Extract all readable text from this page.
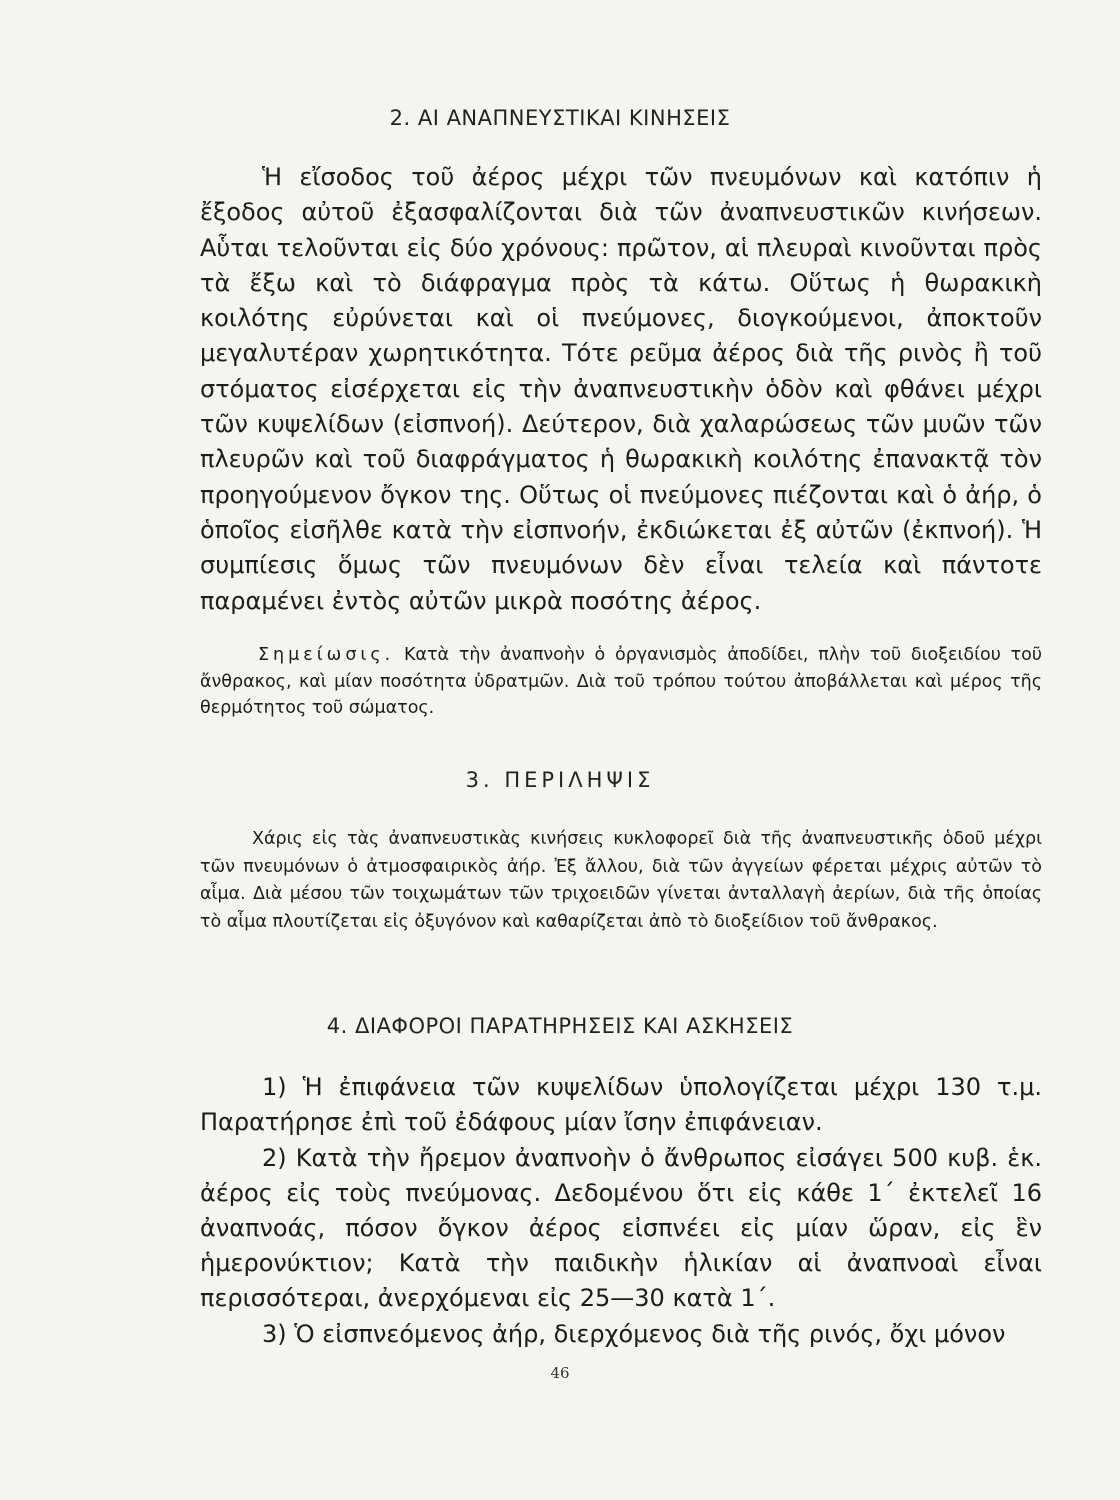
2. ΑΙ ΑΝΑΠΝΕΥΣΤΙΚΑΙ ΚΙΝΗΣΕΙΣ

Ἡ εἴσοδος τοῦ ἀέρος μέχρι τῶν πνευμόνων καὶ κατόπιν ἡ ἔξοδος αὐτοῦ ἐξασφαλίζονται διὰ τῶν ἀναπνευστικῶν κινήσεων. Αὗται τελοῦνται εἰς δύο χρόνους: πρῶτον, αἱ πλευραὶ κινοῦνται πρὸς τὰ ἔξω καὶ τὸ διάφραγμα πρὸς τὰ κάτω. Οὕτως ἡ θωρακικὴ κοιλότης εὐρύνεται καὶ οἱ πνεύμονες, διογκούμενοι, ἀποκτοῦν μεγαλυτέραν χωρητικότητα. Τότε ρεῦμα ἀέρος διὰ τῆς ρινὸς ἢ τοῦ στόματος εἰσέρχεται εἰς τὴν ἀναπνευστικὴν ὁδὸν καὶ φθάνει μέχρι τῶν κυψελίδων (εἰσπνοή). Δεύτερον, διὰ χαλαρώσεως τῶν μυῶν τῶν πλευρῶν καὶ τοῦ διαφράγματος ἡ θωρακικὴ κοιλότης ἐπανακτᾷ τὸν προηγούμενον ὄγκον της. Οὕτως οἱ πνεύμονες πιέζονται καὶ ὁ ἀήρ, ὁ ὁποῖος εἰσῆλθε κατὰ τὴν εἰσπνοήν, ἐκδιώκεται ἐξ αὐτῶν (ἐκπνοή). Ἡ συμπίεσις ὅμως τῶν πνευμόνων δὲν εἶναι τελεία καὶ πάντοτε παραμένει ἐντὸς αὐτῶν μικρὰ ποσότης ἀέρος.

Σημείωσις. Κατὰ τὴν ἀναπνοὴν ὁ ὀργανισμὸς ἀποδίδει, πλὴν τοῦ διοξειδίου τοῦ ἄνθρακος, καὶ μίαν ποσότητα ὑδρατμῶν. Διὰ τοῦ τρόπου τούτου ἀποβάλλεται καὶ μέρος τῆς θερμότητος τοῦ σώματος.

3. ΠΕΡΙΛΗΨΙΣ

Χάρις εἰς τὰς ἀναπνευστικὰς κινήσεις κυκλοφορεῖ διὰ τῆς ἀναπνευστικῆς ὁδοῦ μέχρι τῶν πνευμόνων ὁ ἀτμοσφαιρικὸς ἀήρ. Ἐξ ἄλλου, διὰ τῶν ἀγγείων φέρεται μέχρις αὐτῶν τὸ αἷμα. Διὰ μέσου τῶν τοιχωμάτων τῶν τριχοειδῶν γίνεται ἀνταλλαγὴ ἀερίων, διὰ τῆς ὁποίας τὸ αἷμα πλουτίζεται εἰς ὀξυγόνον καὶ καθαρίζεται ἀπὸ τὸ διοξείδιον τοῦ ἄνθρακος.

4. ΔΙΑΦΟΡΟΙ ΠΑΡΑΤΗΡΗΣΕΙΣ ΚΑΙ ΑΣΚΗΣΕΙΣ

1) Ἡ ἐπιφάνεια τῶν κυψελίδων ὑπολογίζεται μέχρι 130 τ.μ. Παρατήρησε ἐπὶ τοῦ ἐδάφους μίαν ἴσην ἐπιφάνειαν.

2) Κατὰ τὴν ἤρεμον ἀναπνοὴν ὁ ἄνθρωπος εἰσάγει 500 κυβ. ἑκ. ἀέρος εἰς τοὺς πνεύμονας. Δεδομένου ὅτι εἰς κάθε 1΄ ἐκτελεῖ 16 ἀναπνοάς, πόσον ὄγκον ἀέρος εἰσπνέει εἰς μίαν ὥραν, εἰς ἓν ἡμερονύκτιον; Κατὰ τὴν παιδικὴν ἡλικίαν αἱ ἀναπνοαὶ εἶναι περισσότεραι, ἀνερχόμεναι εἰς 25—30 κατὰ 1΄.

3) Ὁ εἰσπνεόμενος ἀήρ, διερχόμενος διὰ τῆς ρινός, ὄχι μόνον

46
